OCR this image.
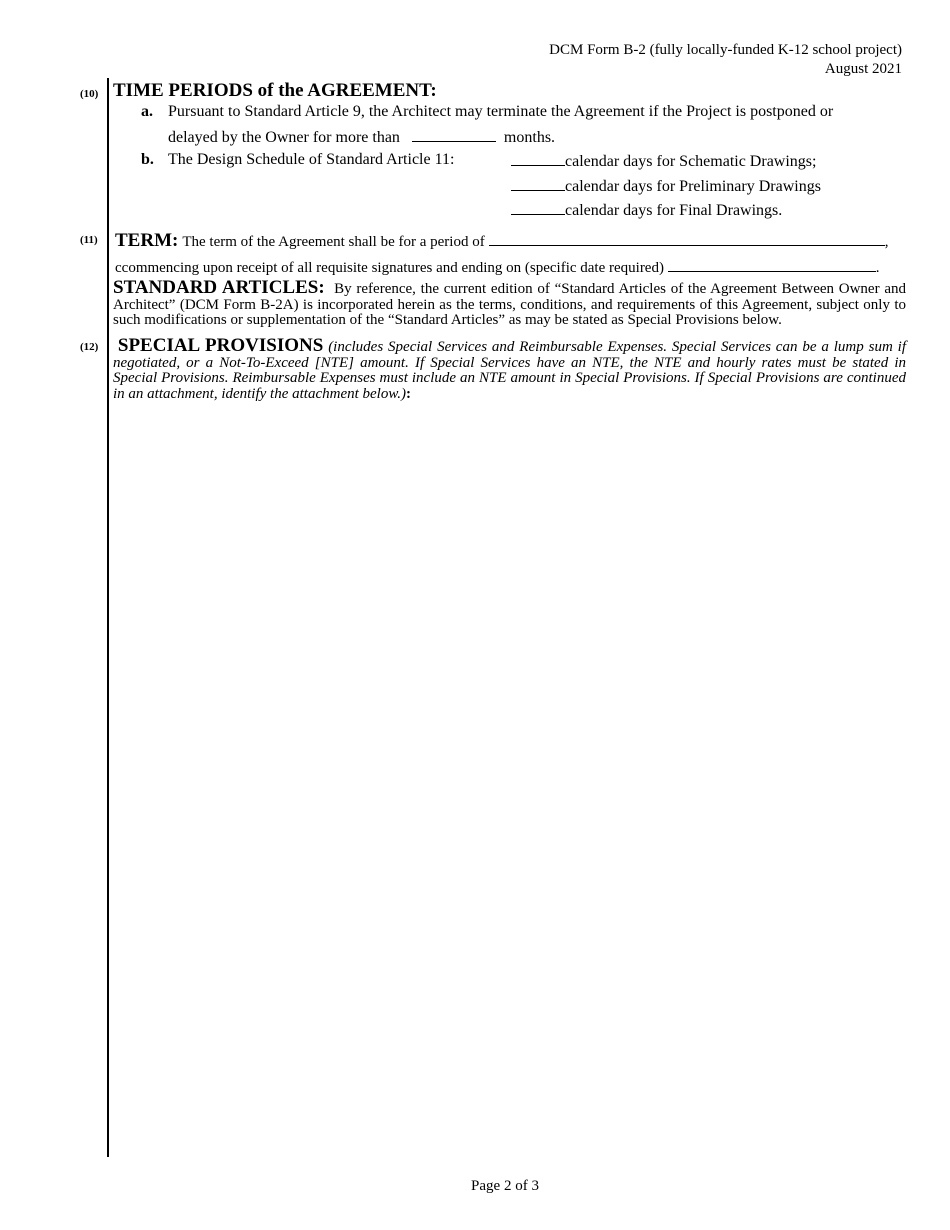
DCM Form B-2 (fully locally-funded K-12 school project)
August 2021
(10) TIME PERIODS of the AGREEMENT:
a. Pursuant to Standard Article 9, the Architect may terminate the Agreement if the Project is postponed or
delayed by the Owner for more than	months.
b. The Design Schedule of Standard Article 11:	calendar days for Schematic Drawings;
calendar days for Preliminary Drawings
calendar days for Final Drawings.
(11) TERM: The term of the Agreement shall be for a period of	,
ccommencing upon receipt of all requisite signatures and ending on (specific date required)	.
STANDARD ARTICLES: By reference, the current edition of “Standard Articles of the Agreement Between Owner and Architect” (DCM Form B-2A) is incorporated herein as the terms, conditions, and requirements of this Agreement, subject only to such modifications or supplementation of the “Standard Articles” as may be stated as Special Provisions below.
(12) SPECIAL PROVISIONS (includes Special Services and Reimbursable Expenses. Special Services can be a lump sum if negotiated, or a Not-To-Exceed [NTE] amount. If Special Services have an NTE, the NTE and hourly rates must be stated in Special Provisions. Reimbursable Expenses must include an NTE amount in Special Provisions. If Special Provisions are continued in an attachment, identify the attachment below.):
Page 2 of 3
